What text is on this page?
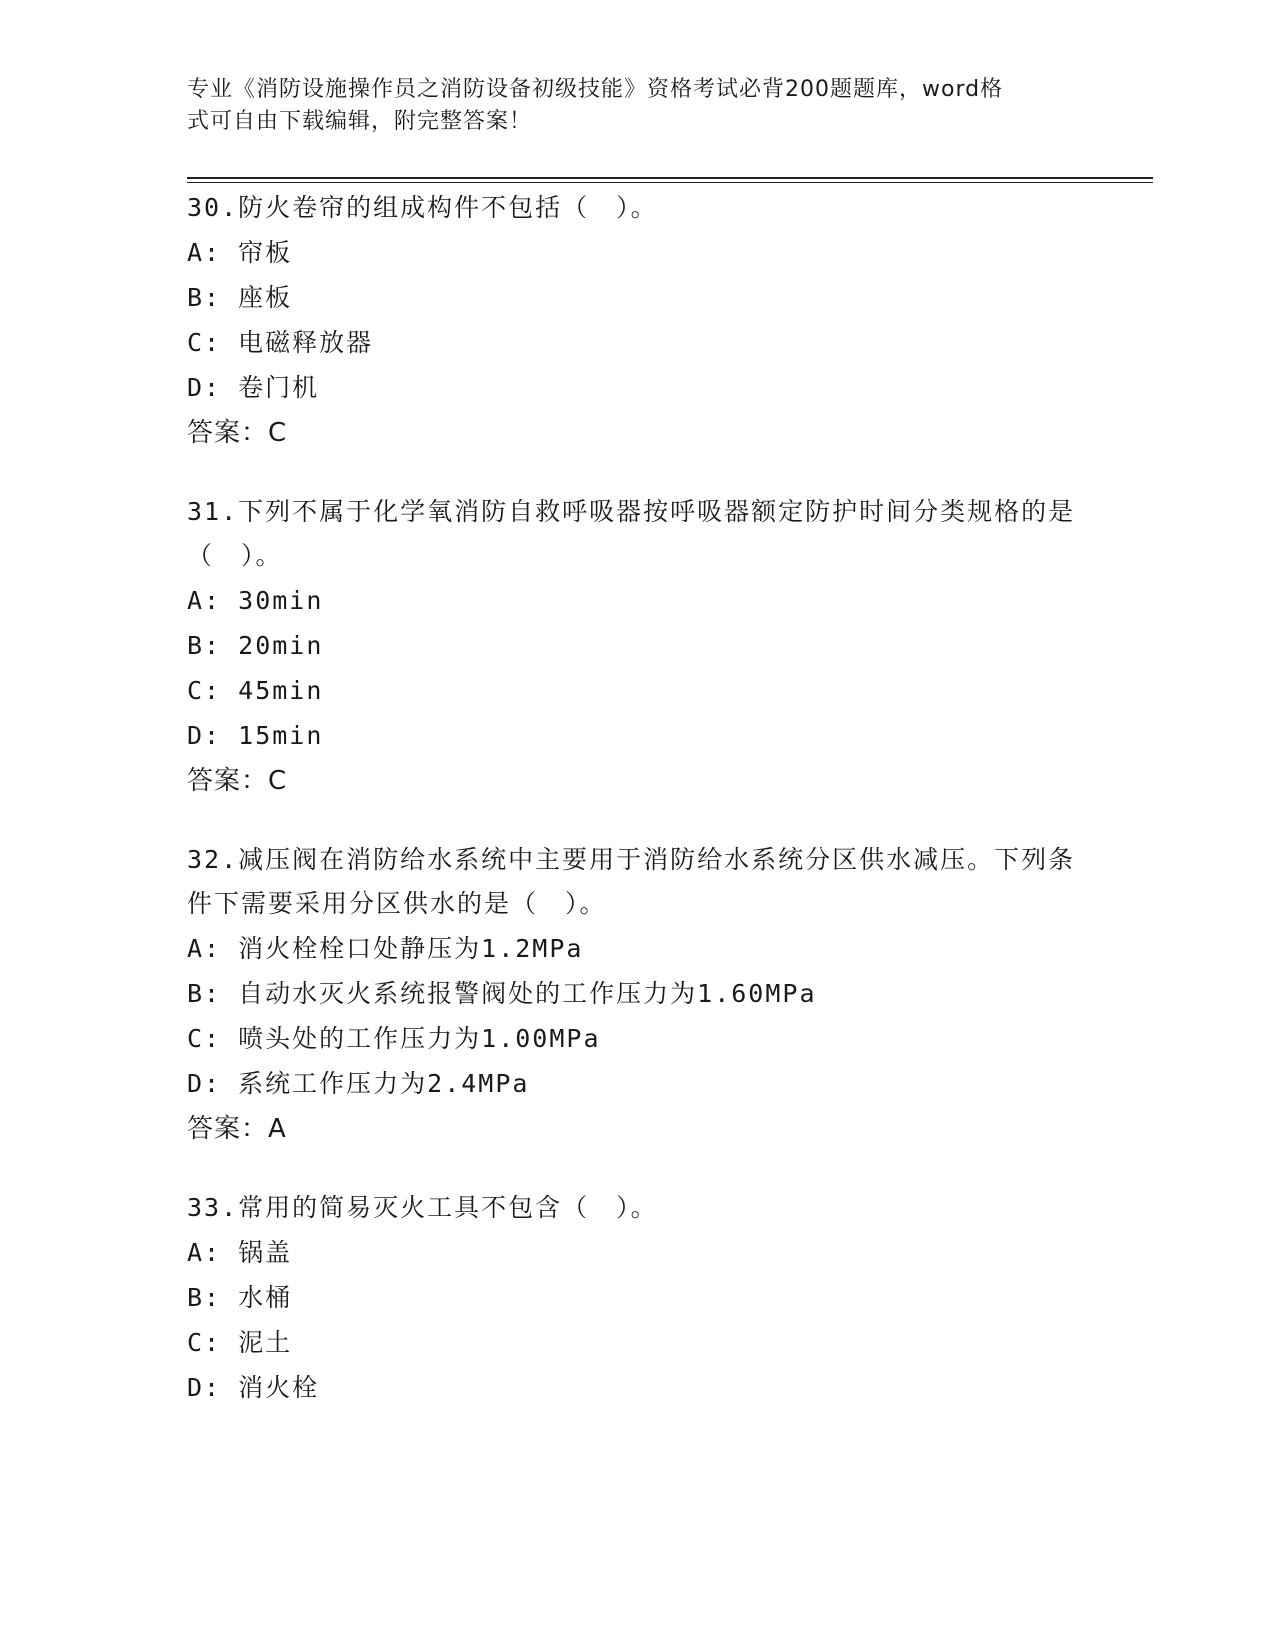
专业《消防设施操作员之消防设备初级技能》资格考试必背200题题库，word格
式可自由下载编辑，附完整答案！

30.防火卷帘的组成构件不包括（　）。

A: 帘板

B: 座板

C: 电磁释放器

D: 卷门机

答案：C

31.下列不属于化学氧消防自救呼吸器按呼吸器额定防护时间分类规格的是（　）。

A: 30min

B: 20min

C: 45min

D: 15min

答案：C

32.减压阀在消防给水系统中主要用于消防给水系统分区供水减压。下列条件下需要采用分区供水的是（　）。

A: 消火栓栓口处静压为1.2MPa

B: 自动水灭火系统报警阀处的工作压力为1.60MPa

C: 喷头处的工作压力为1.00MPa

D: 系统工作压力为2.4MPa

答案：A

33.常用的简易灭火工具不包含（　）。

A: 锅盖

B: 水桶

C: 泥土

D: 消火栓
